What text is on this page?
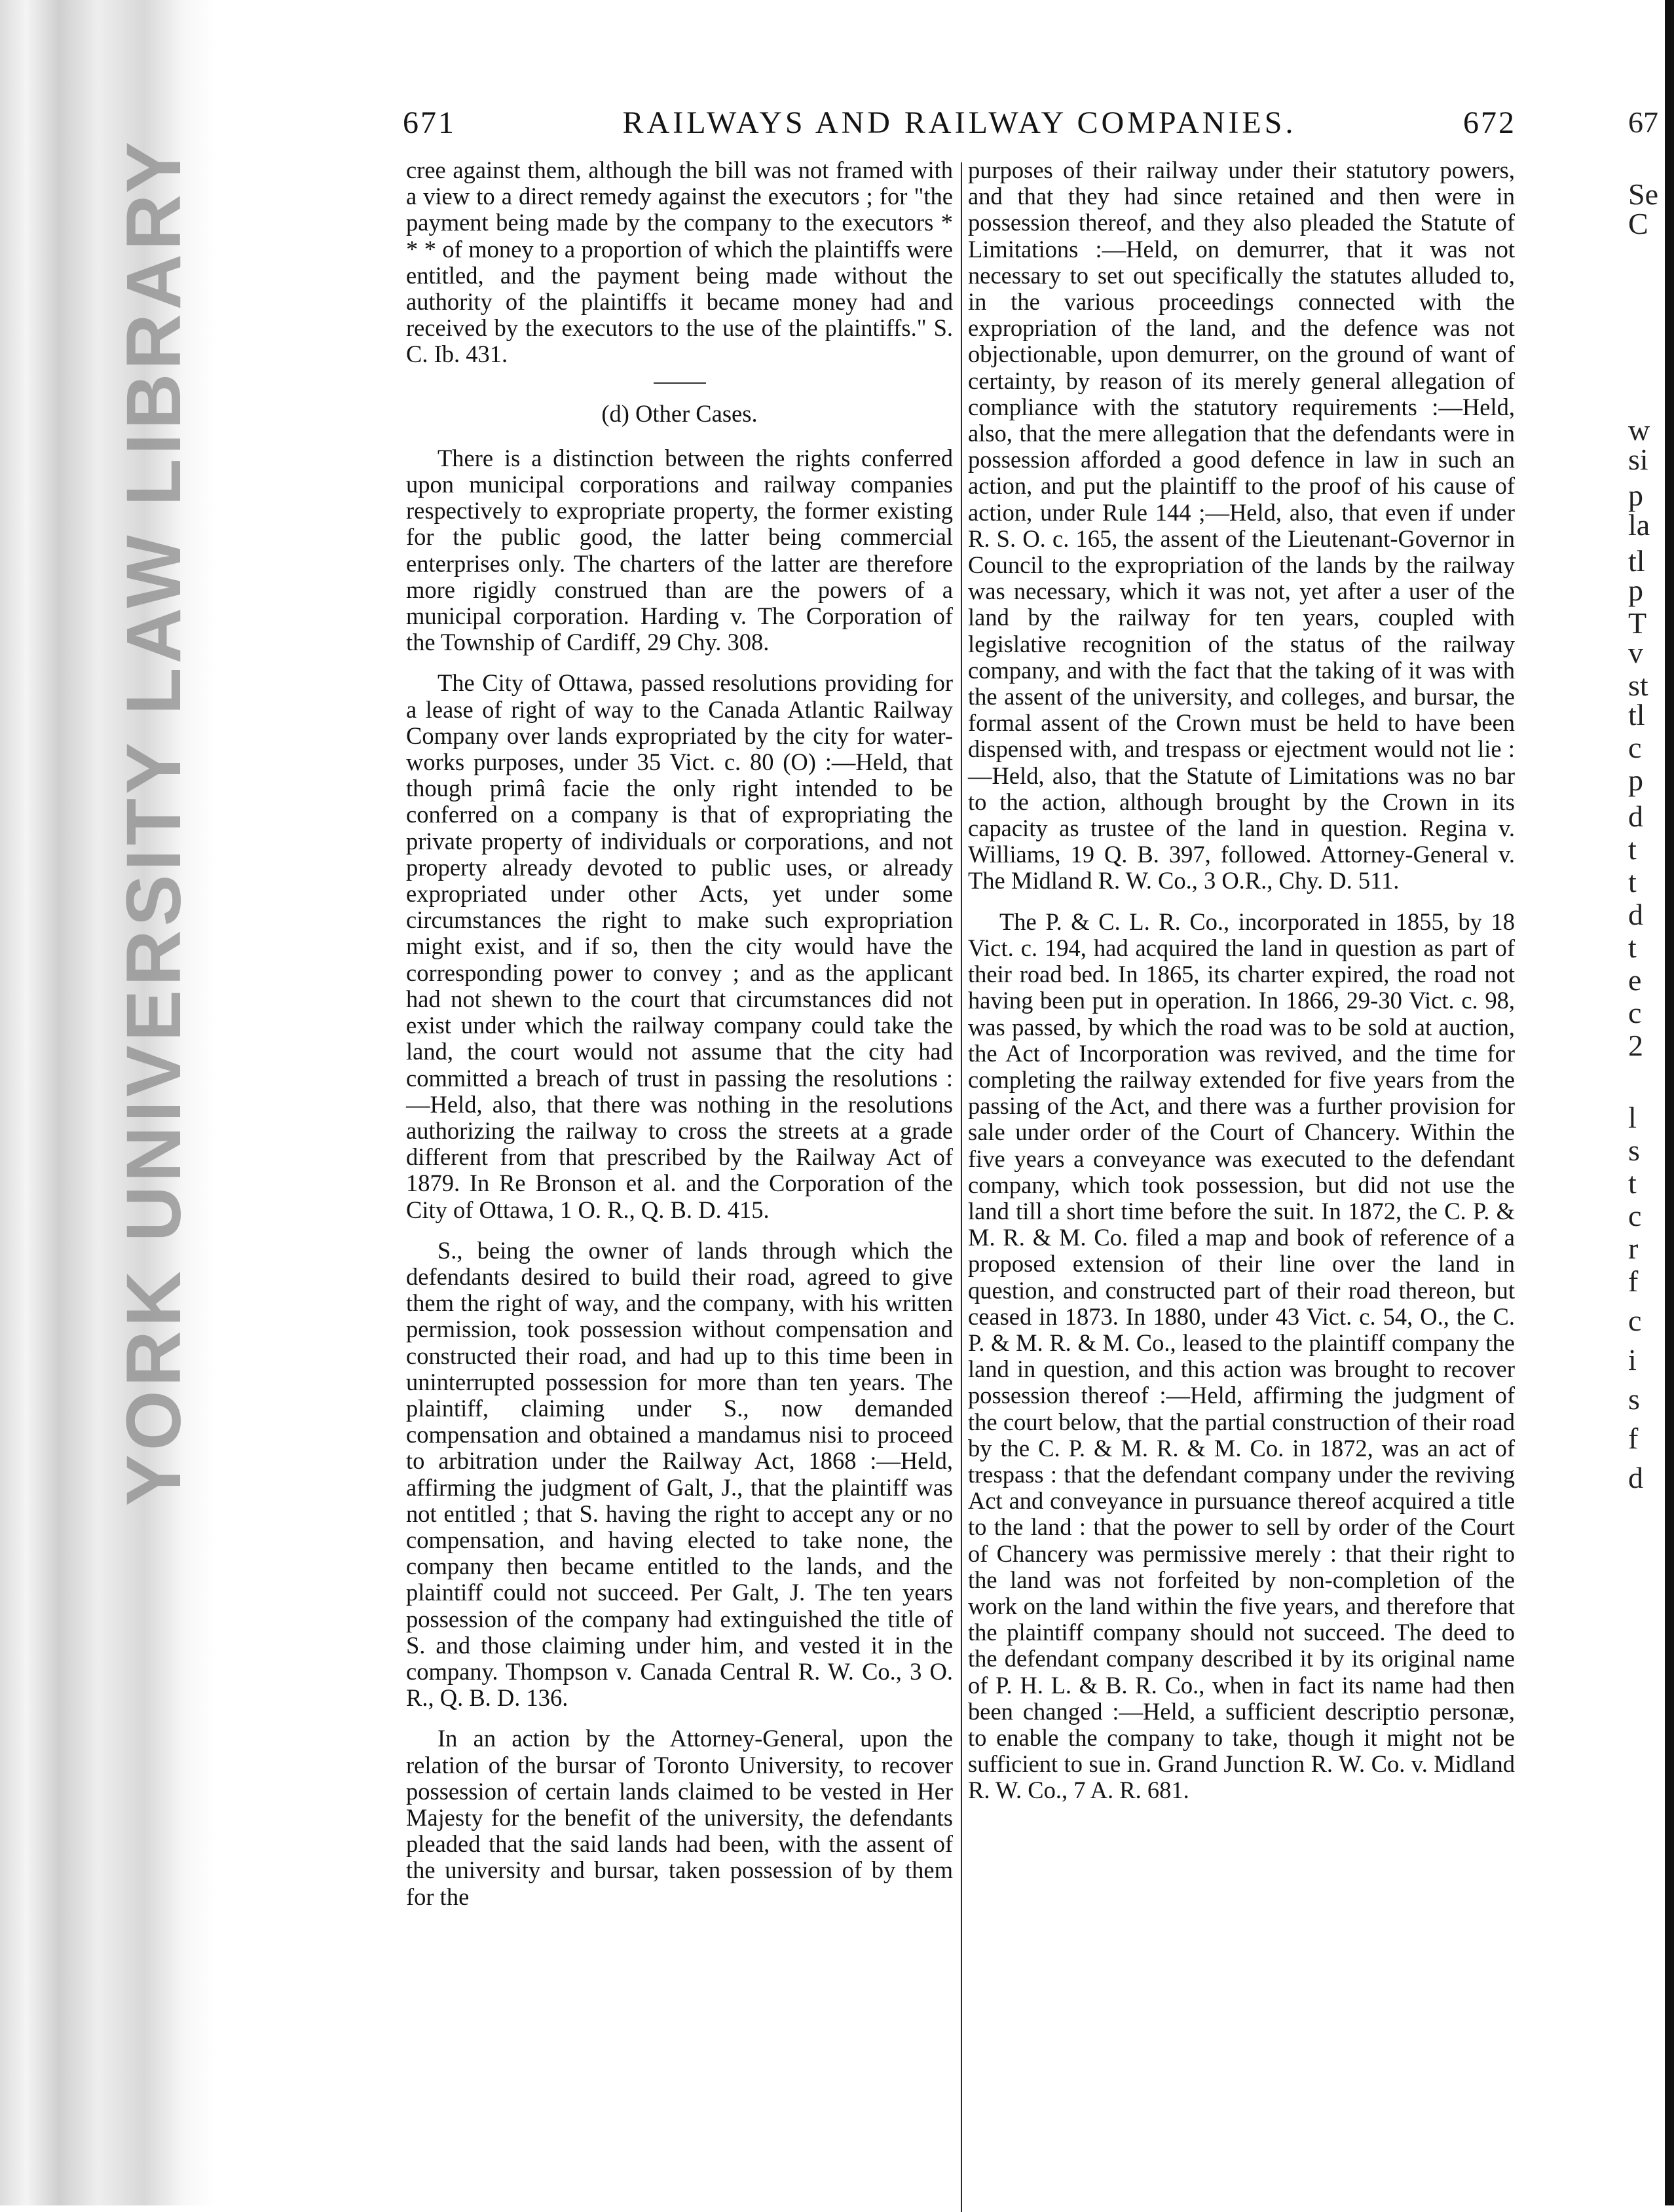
YORK UNIVERSITY LAW LIBRARY
67
Se
C
w
si
p
la
tl
p
T
v
st
tl
c
p
d
t
t
d
t
e
c
2
l
s
t
c
r
f
c
i
s
f
d
671	RAILWAYS AND RAILWAY COMPANIES.	672

cree against them, although the bill was not framed with a view to a direct remedy against the executors ; for "the payment being made by the company to the executors * * * of money to a proportion of which the plaintiffs were entitled, and the payment being made without the authority of the plaintiffs it became money had and received by the executors to the use of the plaintiffs." S. C. Ib. 431.

(d) Other Cases.

There is a distinction between the rights conferred upon municipal corporations and railway companies respectively to expropriate property, the former existing for the public good, the latter being commercial enterprises only. The charters of the latter are therefore more rigidly construed than are the powers of a municipal corporation. Harding v. The Corporation of the Township of Cardiff, 29 Chy. 308.

The City of Ottawa, passed resolutions providing for a lease of right of way to the Canada Atlantic Railway Company over lands expropriated by the city for water-works purposes, under 35 Vict. c. 80 (O) :—Held, that though primâ facie the only right intended to be conferred on a company is that of expropriating the private property of individuals or corporations, and not property already devoted to public uses, or already expropriated under other Acts, yet under some circumstances the right to make such expropriation might exist, and if so, then the city would have the corresponding power to convey ; and as the applicant had not shewn to the court that circumstances did not exist under which the railway company could take the land, the court would not assume that the city had committed a breach of trust in passing the resolutions :—Held, also, that there was nothing in the resolutions authorizing the railway to cross the streets at a grade different from that prescribed by the Railway Act of 1879. In Re Bronson et al. and the Corporation of the City of Ottawa, 1 O. R., Q. B. D. 415.

S., being the owner of lands through which the defendants desired to build their road, agreed to give them the right of way, and the company, with his written permission, took possession without compensation and constructed their road, and had up to this time been in uninterrupted possession for more than ten years. The plaintiff, claiming under S., now demanded compensation and obtained a mandamus nisi to proceed to arbitration under the Railway Act, 1868 :—Held, affirming the judgment of Galt, J., that the plaintiff was not entitled ; that S. having the right to accept any or no compensation, and having elected to take none, the company then became entitled to the lands, and the plaintiff could not succeed. Per Galt, J. The ten years possession of the company had extinguished the title of S. and those claiming under him, and vested it in the company. Thompson v. Canada Central R. W. Co., 3 O. R., Q. B. D. 136.

In an action by the Attorney-General, upon the relation of the bursar of Toronto University, to recover possession of certain lands claimed to be vested in Her Majesty for the benefit of the university, the defendants pleaded that the said lands had been, with the assent of the university and bursar, taken possession of by them for the

purposes of their railway under their statutory powers, and that they had since retained and then were in possession thereof, and they also pleaded the Statute of Limitations :—Held, on demurrer, that it was not necessary to set out specifically the statutes alluded to, in the various proceedings connected with the expropriation of the land, and the defence was not objectionable, upon demurrer, on the ground of want of certainty, by reason of its merely general allegation of compliance with the statutory requirements :—Held, also, that the mere allegation that the defendants were in possession afforded a good defence in law in such an action, and put the plaintiff to the proof of his cause of action, under Rule 144 ;—Held, also, that even if under R. S. O. c. 165, the assent of the Lieutenant-Governor in Council to the expropriation of the lands by the railway was necessary, which it was not, yet after a user of the land by the railway for ten years, coupled with legislative recognition of the status of the railway company, and with the fact that the taking of it was with the assent of the university, and colleges, and bursar, the formal assent of the Crown must be held to have been dispensed with, and trespass or ejectment would not lie :—Held, also, that the Statute of Limitations was no bar to the action, although brought by the Crown in its capacity as trustee of the land in question. Regina v. Williams, 19 Q. B. 397, followed. Attorney-General v. The Midland R. W. Co., 3 O.R., Chy. D. 511.

The P. & C. L. R. Co., incorporated in 1855, by 18 Vict. c. 194, had acquired the land in question as part of their road bed. In 1865, its charter expired, the road not having been put in operation. In 1866, 29-30 Vict. c. 98, was passed, by which the road was to be sold at auction, the Act of Incorporation was revived, and the time for completing the railway extended for five years from the passing of the Act, and there was a further provision for sale under order of the Court of Chancery. Within the five years a conveyance was executed to the defendant company, which took possession, but did not use the land till a short time before the suit. In 1872, the C. P. & M. R. & M. Co. filed a map and book of reference of a proposed extension of their line over the land in question, and constructed part of their road thereon, but ceased in 1873. In 1880, under 43 Vict. c. 54, O., the C. P. & M. R. & M. Co., leased to the plaintiff company the land in question, and this action was brought to recover possession thereof :—Held, affirming the judgment of the court below, that the partial construction of their road by the C. P. & M. R. & M. Co. in 1872, was an act of trespass : that the defendant company under the reviving Act and conveyance in pursuance thereof acquired a title to the land : that the power to sell by order of the Court of Chancery was permissive merely : that their right to the land was not forfeited by non-completion of the work on the land within the five years, and therefore that the plaintiff company should not succeed. The deed to the defendant company described it by its original name of P. H. L. & B. R. Co., when in fact its name had then been changed :—Held, a sufficient descriptio personæ, to enable the company to take, though it might not be sufficient to sue in. Grand Junction R. W. Co. v. Midland R. W. Co., 7 A. R. 681.
